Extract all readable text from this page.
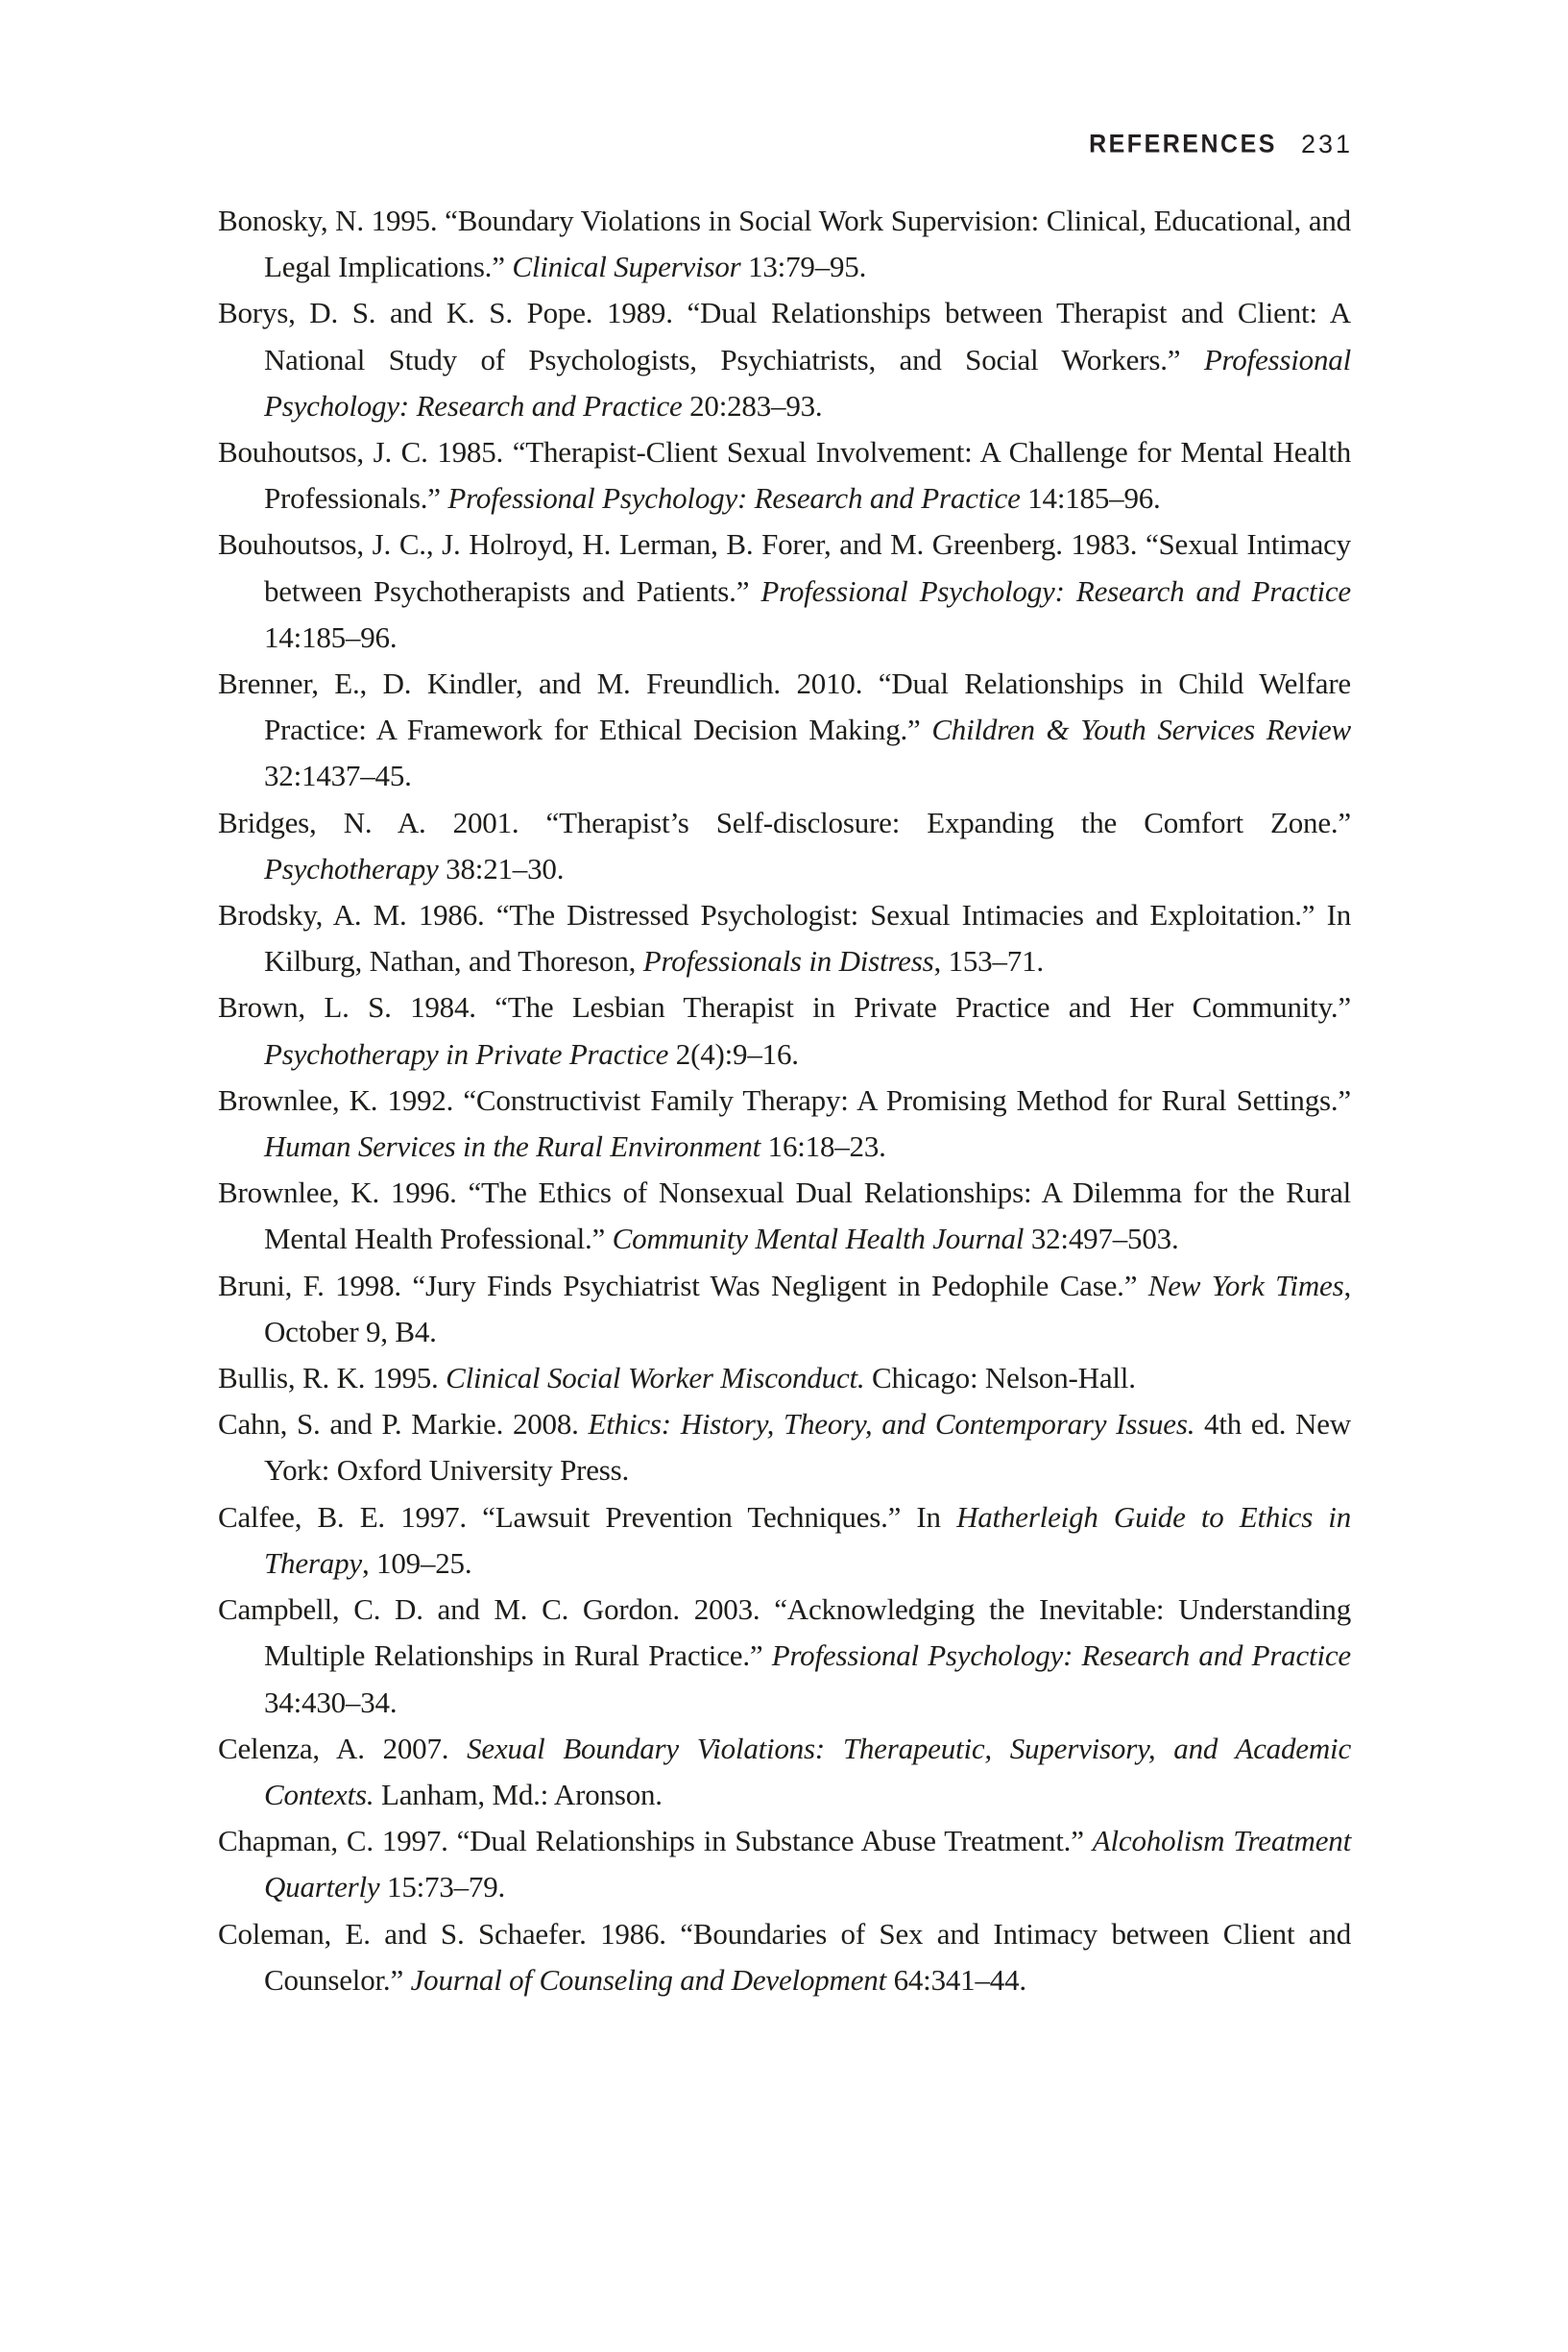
REFERENCES 231

Bonosky, N. 1995. “Boundary Violations in Social Work Supervision: Clinical, Educational, and Legal Implications.” Clinical Supervisor 13:79–95.

Borys, D. S. and K. S. Pope. 1989. “Dual Relationships between Therapist and Client: A National Study of Psychologists, Psychiatrists, and Social Workers.” Professional Psychology: Research and Practice 20:283–93.

Bouhoutsos, J. C. 1985. “Therapist-Client Sexual Involvement: A Challenge for Mental Health Professionals.” Professional Psychology: Research and Practice 14:185–96.

Bouhoutsos, J. C., J. Holroyd, H. Lerman, B. Forer, and M. Greenberg. 1983. “Sexual Intimacy between Psychotherapists and Patients.” Professional Psychology: Research and Practice 14:185–96.

Brenner, E., D. Kindler, and M. Freundlich. 2010. “Dual Relationships in Child Welfare Practice: A Framework for Ethical Decision Making.” Children & Youth Services Review 32:1437–45.

Bridges, N. A. 2001. “Therapist’s Self-disclosure: Expanding the Comfort Zone.” Psychotherapy 38:21–30.

Brodsky, A. M. 1986. “The Distressed Psychologist: Sexual Intimacies and Exploitation.” In Kilburg, Nathan, and Thoreson, Professionals in Distress, 153–71.

Brown, L. S. 1984. “The Lesbian Therapist in Private Practice and Her Community.” Psychotherapy in Private Practice 2(4):9–16.

Brownlee, K. 1992. “Constructivist Family Therapy: A Promising Method for Rural Settings.” Human Services in the Rural Environment 16:18–23.

Brownlee, K. 1996. “The Ethics of Nonsexual Dual Relationships: A Dilemma for the Rural Mental Health Professional.” Community Mental Health Journal 32:497–503.

Bruni, F. 1998. “Jury Finds Psychiatrist Was Negligent in Pedophile Case.” New York Times, October 9, B4.

Bullis, R. K. 1995. Clinical Social Worker Misconduct. Chicago: Nelson-Hall.

Cahn, S. and P. Markie. 2008. Ethics: History, Theory, and Contemporary Issues. 4th ed. New York: Oxford University Press.

Calfee, B. E. 1997. “Lawsuit Prevention Techniques.” In Hatherleigh Guide to Ethics in Therapy, 109–25.

Campbell, C. D. and M. C. Gordon. 2003. “Acknowledging the Inevitable: Understanding Multiple Relationships in Rural Practice.” Professional Psychology: Research and Practice 34:430–34.

Celenza, A. 2007. Sexual Boundary Violations: Therapeutic, Supervisory, and Academic Contexts. Lanham, Md.: Aronson.

Chapman, C. 1997. “Dual Relationships in Substance Abuse Treatment.” Alcoholism Treatment Quarterly 15:73–79.

Coleman, E. and S. Schaefer. 1986. “Boundaries of Sex and Intimacy between Client and Counselor.” Journal of Counseling and Development 64:341–44.
